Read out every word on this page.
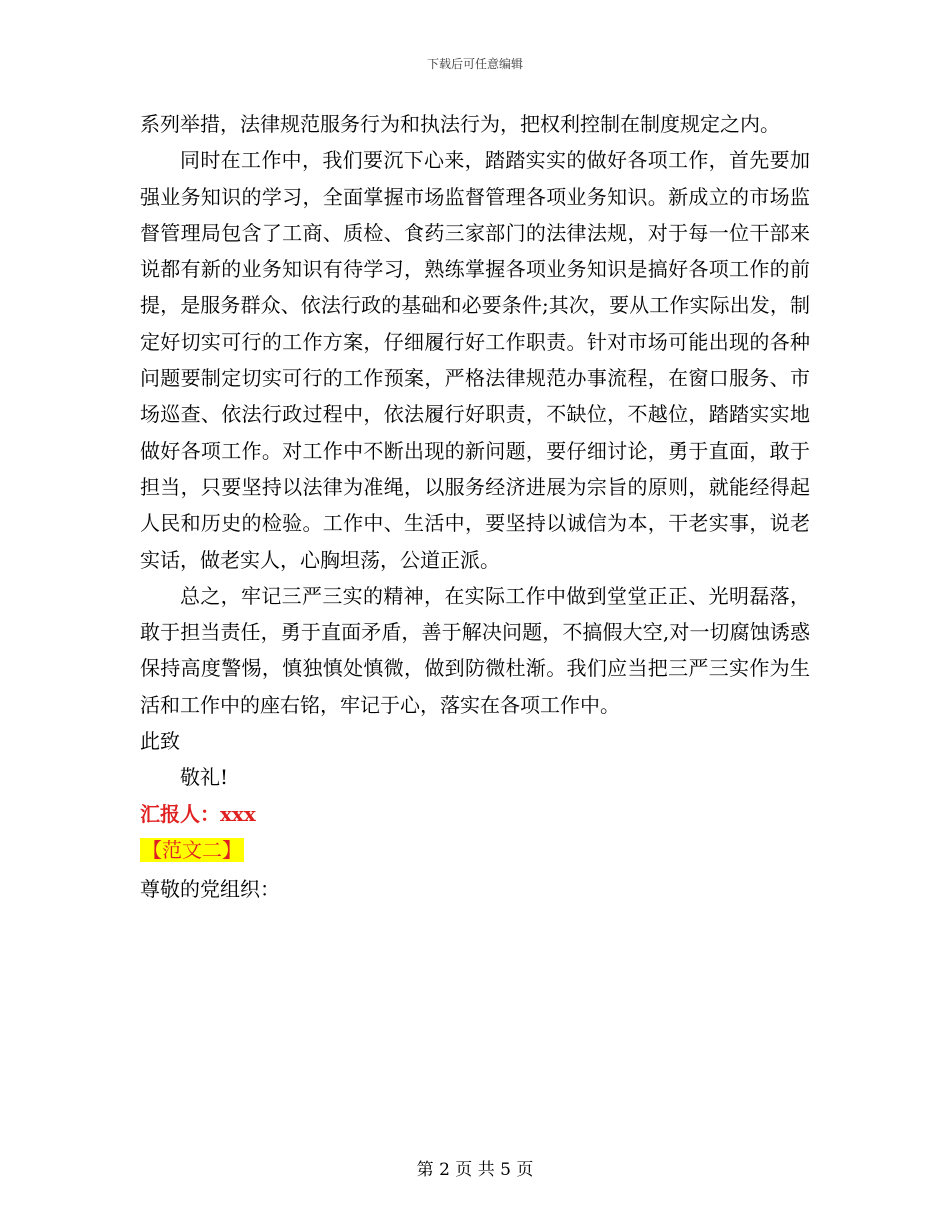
下载后可任意编辑

系列举措，法律规范服务行为和执法行为，把权利控制在制度规定之内。

同时在工作中，我们要沉下心来，踏踏实实的做好各项工作，首先要加强业务知识的学习，全面掌握市场监督管理各项业务知识。新成立的市场监督管理局包含了工商、质检、食药三家部门的法律法规，对于每一位干部来说都有新的业务知识有待学习，熟练掌握各项业务知识是搞好各项工作的前提，是服务群众、依法行政的基础和必要条件;其次，要从工作实际出发，制定好切实可行的工作方案，仔细履行好工作职责。针对市场可能出现的各种问题要制定切实可行的工作预案，严格法律规范办事流程，在窗口服务、市场巡查、依法行政过程中，依法履行好职责，不缺位，不越位，踏踏实实地做好各项工作。对工作中不断出现的新问题，要仔细讨论，勇于直面，敢于担当，只要坚持以法律为准绳，以服务经济进展为宗旨的原则，就能经得起人民和历史的检验。工作中、生活中，要坚持以诚信为本，干老实事，说老实话，做老实人，心胸坦荡，公道正派。

总之，牢记三严三实的精神，在实际工作中做到堂堂正正、光明磊落，敢于担当责任，勇于直面矛盾，善于解决问题，不搞假大空,对一切腐蚀诱惑保持高度警惕，慎独慎处慎微，做到防微杜渐。我们应当把三严三实作为生活和工作中的座右铭，牢记于心，落实在各项工作中。

此致

敬礼!

汇报人：xxx

【范文二】

尊敬的党组织：

第 2 页 共 5 页
